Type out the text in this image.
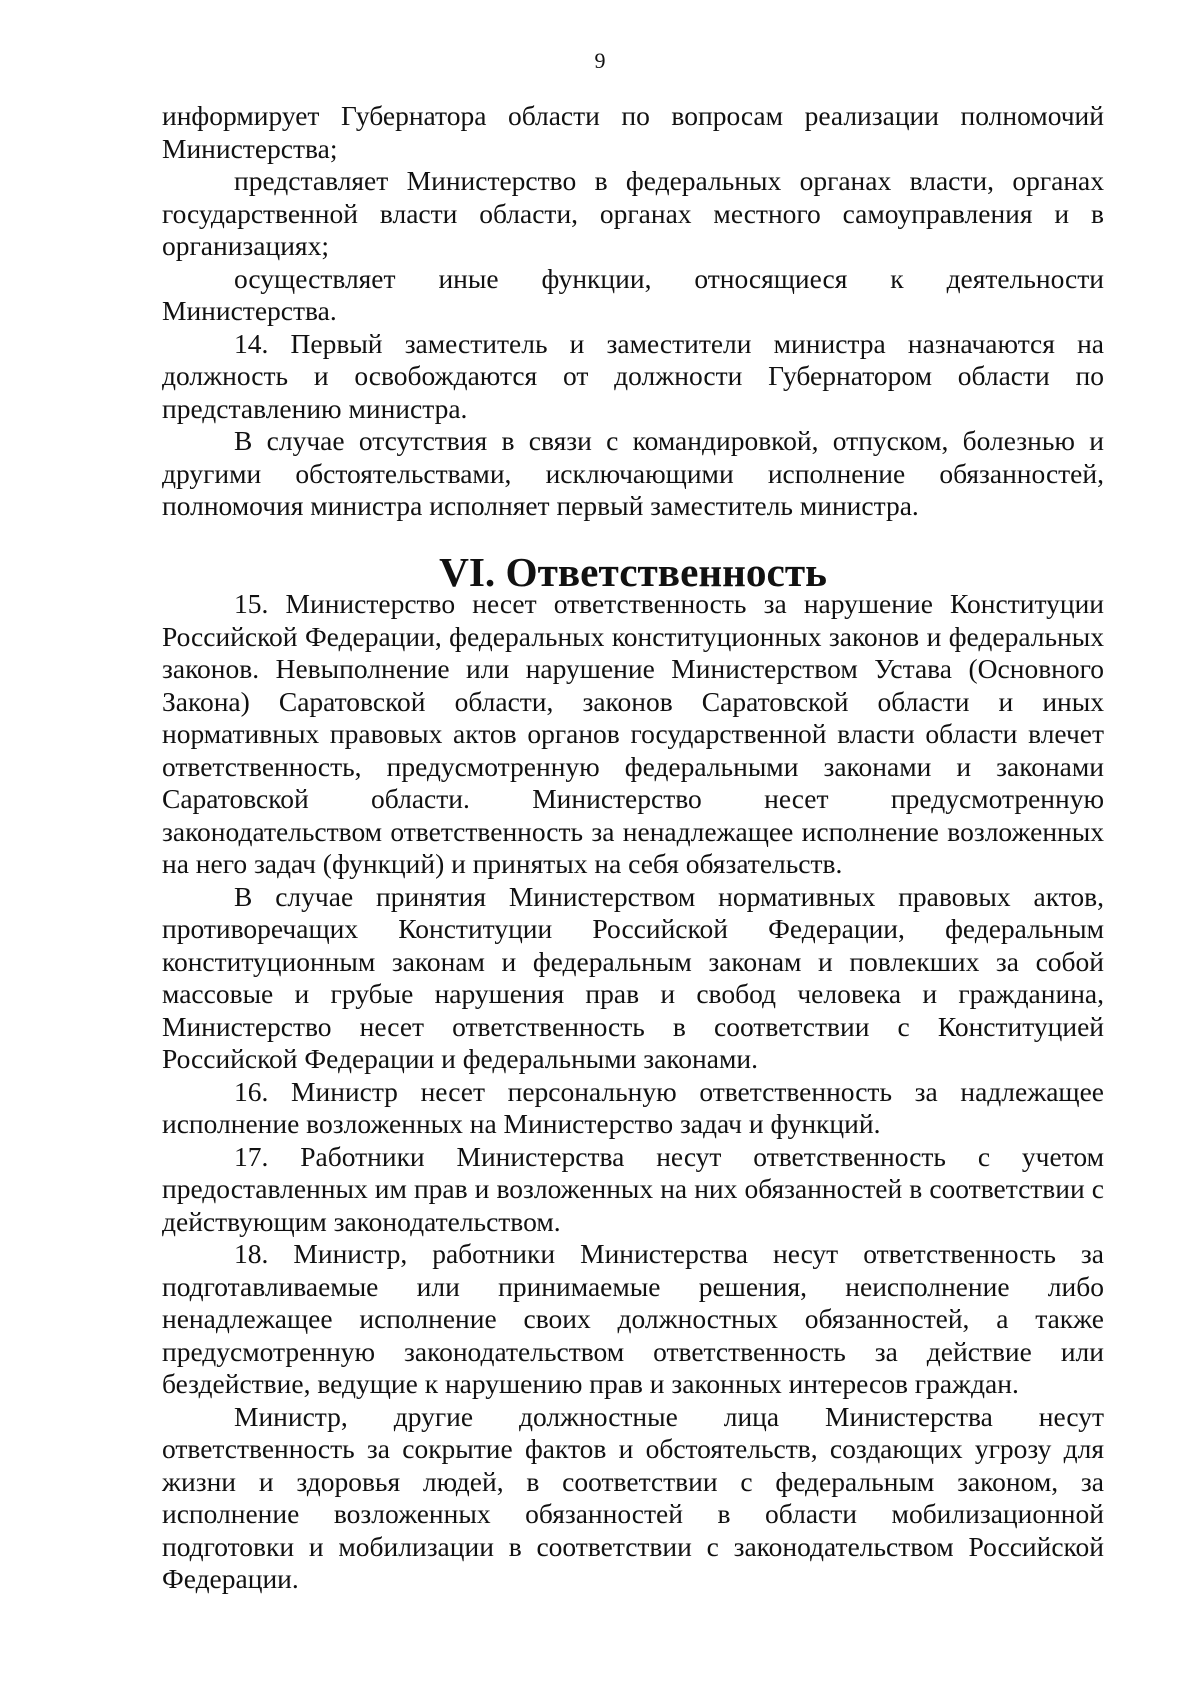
9

информирует Губернатора области по вопросам реализации полномочий Министерства;

представляет Министерство в федеральных органах власти, органах государственной власти области, органах местного самоуправления и в организациях;

осуществляет иные функции, относящиеся к деятельности Министерства.

14. Первый заместитель и заместители министра назначаются на должность и освобождаются от должности Губернатором области по представлению министра.

В случае отсутствия в связи с командировкой, отпуском, болезнью и другими обстоятельствами, исключающими исполнение обязанностей, полномочия министра исполняет первый заместитель министра.

VI. Ответственность

15. Министерство несет ответственность за нарушение Конституции Российской Федерации, федеральных конституционных законов и федеральных законов. Невыполнение или нарушение Министерством Устава (Основного Закона) Саратовской области, законов Саратовской области и иных нормативных правовых актов органов государственной власти области влечет ответственность, предусмотренную федеральными законами и законами Саратовской области. Министерство несет предусмотренную законодательством ответственность за ненадлежащее исполнение возложенных на него задач (функций) и принятых на себя обязательств.

В случае принятия Министерством нормативных правовых актов, противоречащих Конституции Российской Федерации, федеральным конституционным законам и федеральным законам и повлекших за собой массовые и грубые нарушения прав и свобод человека и гражданина, Министерство несет ответственность в соответствии с Конституцией Российской Федерации и федеральными законами.

16. Министр несет персональную ответственность за надлежащее исполнение возложенных на Министерство задач и функций.

17. Работники Министерства несут ответственность с учетом предоставленных им прав и возложенных на них обязанностей в соответствии с действующим законодательством.

18. Министр, работники Министерства несут ответственность за подготавливаемые или принимаемые решения, неисполнение либо ненадлежащее исполнение своих должностных обязанностей, а также предусмотренную законодательством ответственность за действие или бездействие, ведущие к нарушению прав и законных интересов граждан.

Министр, другие должностные лица Министерства несут ответственность за сокрытие фактов и обстоятельств, создающих угрозу для жизни и здоровья людей, в соответствии с федеральным законом, за исполнение возложенных обязанностей в области мобилизационной подготовки и мобилизации в соответствии с законодательством Российской Федерации.
